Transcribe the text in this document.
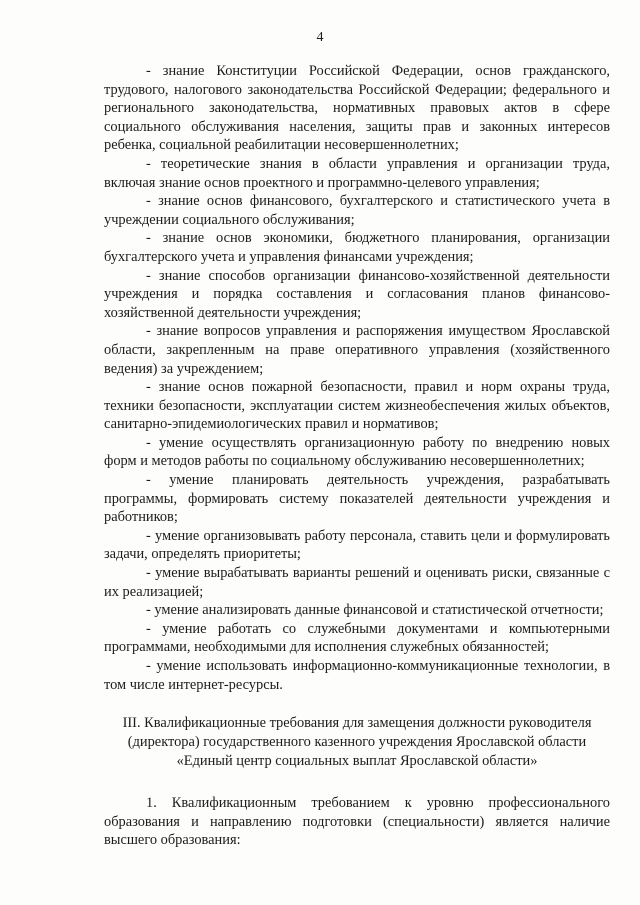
4

- знание Конституции Российской Федерации, основ гражданского, трудового, налогового законодательства Российской Федерации; федерального и регионального законодательства, нормативных правовых актов в сфере социального обслуживания населения, защиты прав и законных интересов ребенка, социальной реабилитации несовершеннолетних;

- теоретические знания в области управления и организации труда, включая знание основ проектного и программно-целевого управления;

- знание основ финансового, бухгалтерского и статистического учета в учреждении социального обслуживания;

- знание основ экономики, бюджетного планирования, организации бухгалтерского учета и управления финансами учреждения;

- знание способов организации финансово-хозяйственной деятельности учреждения и порядка составления и согласования планов финансово-хозяйственной деятельности учреждения;

- знание вопросов управления и распоряжения имуществом Ярославской области, закрепленным на праве оперативного управления (хозяйственного ведения) за учреждением;

- знание основ пожарной безопасности, правил и норм охраны труда, техники безопасности, эксплуатации систем жизнеобеспечения жилых объектов, санитарно-эпидемиологических правил и нормативов;

- умение осуществлять организационную работу по внедрению новых форм и методов работы по социальному обслуживанию несовершеннолетних;

- умение планировать деятельность учреждения, разрабатывать программы, формировать систему показателей деятельности учреждения и работников;

- умение организовывать работу персонала, ставить цели и формулировать задачи, определять приоритеты;

- умение вырабатывать варианты решений и оценивать риски, связанные с их реализацией;

- умение анализировать данные финансовой и статистической отчетности;

- умение работать со служебными документами и компьютерными программами, необходимыми для исполнения служебных обязанностей;

- умение использовать информационно-коммуникационные технологии, в том числе интернет-ресурсы.

III. Квалификационные требования для замещения должности руководителя
(директора) государственного казенного учреждения Ярославской области
«Единый центр социальных выплат Ярославской области»

1. Квалификационным требованием к уровню профессионального образования и направлению подготовки (специальности) является наличие высшего образования:
